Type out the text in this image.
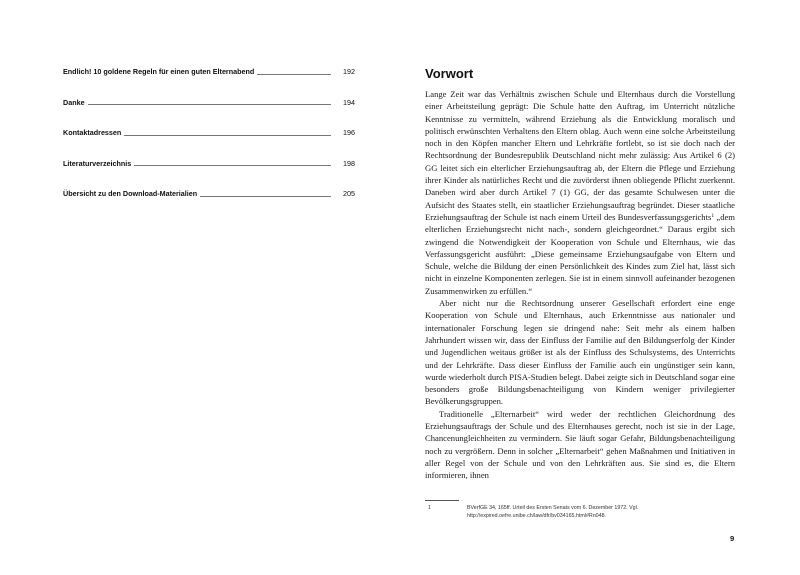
Endlich! 10 goldene Regeln für einen guten Elternabend	192
Danke	194
Kontaktadressen	196
Literaturverzeichnis	198
Übersicht zu den Download-Materialien	205
Vorwort

Lange Zeit war das Verhältnis zwischen Schule und Elternhaus durch die Vorstellung einer Arbeitsteilung geprägt: Die Schule hatte den Auftrag, im Unterricht nützliche Kenntnisse zu vermitteln, während Erziehung als die Entwicklung moralisch und politisch erwünschten Verhaltens den Eltern oblag. Auch wenn eine solche Arbeitsteilung noch in den Köpfen mancher Eltern und Lehrkräfte fortlebt, so ist sie doch nach der Rechtsordnung der Bundesrepublik Deutschland nicht mehr zulässig: Aus Artikel 6 (2) GG leitet sich ein elterlicher Erziehungsauftrag ab, der Eltern die Pflege und Erziehung ihrer Kinder als natürliches Recht und die zuvörderst ihnen obliegende Pflicht zuerkennt. Daneben wird aber durch Artikel 7 (1) GG, der das gesamte Schulwesen unter die Aufsicht des Staates stellt, ein staatlicher Erziehungsauftrag begründet. Dieser staatliche Erziehungsauftrag der Schule ist nach einem Urteil des Bundesverfassungsgerichts$^1$ „dem elterlichen Erziehungsrecht nicht nach-, sondern gleichgeordnet.“ Daraus ergibt sich zwingend die Notwendigkeit der Kooperation von Schule und Elternhaus, wie das Verfassungsgericht ausführt: „Diese gemeinsame Erziehungsaufgabe von Eltern und Schule, welche die Bildung der einen Persönlichkeit des Kindes zum Ziel hat, lässt sich nicht in einzelne Komponenten zerlegen. Sie ist in einem sinnvoll aufeinander bezogenen Zusammenwirken zu erfüllen.“

Aber nicht nur die Rechtsordnung unserer Gesellschaft erfordert eine enge Kooperation von Schule und Elternhaus, auch Erkenntnisse aus nationaler und internationaler Forschung legen sie dringend nahe: Seit mehr als einem halben Jahrhundert wissen wir, dass der Einfluss der Familie auf den Bildungserfolg der Kinder und Jugendlichen weitaus größer ist als der Einfluss des Schulsystems, des Unterrichts und der Lehrkräfte. Dass dieser Einfluss der Familie auch ein ungünstiger sein kann, wurde wiederholt durch PISA-Studien belegt. Dabei zeigte sich in Deutschland sogar eine besonders große Bildungsbenachteiligung von Kindern weniger privilegierter Bevölkerungsgruppen.

Traditionelle „Elternarbeit“ wird weder der rechtlichen Gleichordnung des Erziehungsauftrags der Schule und des Elternhauses gerecht, noch ist sie in der Lage, Chancenungleichheiten zu vermindern. Sie läuft sogar Gefahr, Bildungsbenachteiligung noch zu vergrößern. Denn in solcher „Elternarbeit“ gehen Maßnahmen und Initiativen in aller Regel von der Schule und von den Lehrkräften aus. Sie sind es, die Eltern informieren, ihnen

1	BVerfGE 34, 165ff. Urteil des Ersten Senats vom 6. Dezember 1972. Vgl. http://expired.oefre.unibe.ch/law/dfr/bv034165.html#Rn048.
9
